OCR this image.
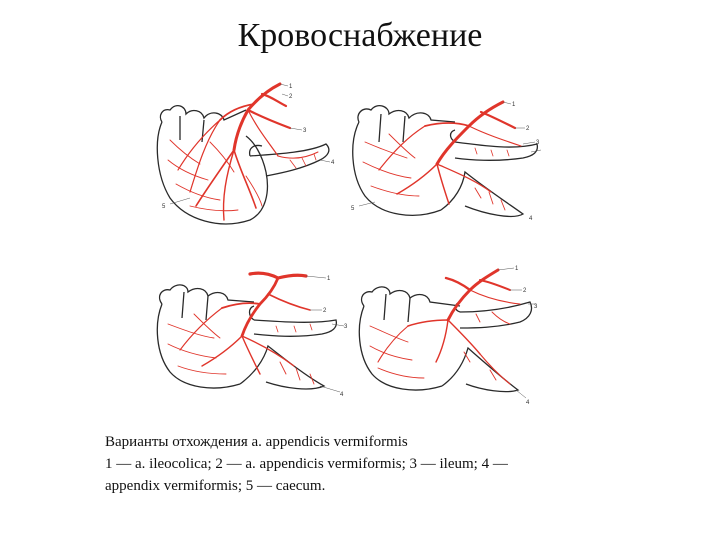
Кровоснабжение
1
2
3
4
5
1
2
3
4
5
1
2
3
4
1
2
3
4
Варианты отхождения a. appendicis vermiformis
1 — a. ileocolica; 2 — a. appendicis vermiformis; 3 — ileum; 4 —
appendix vermiformis; 5 — caecum.
